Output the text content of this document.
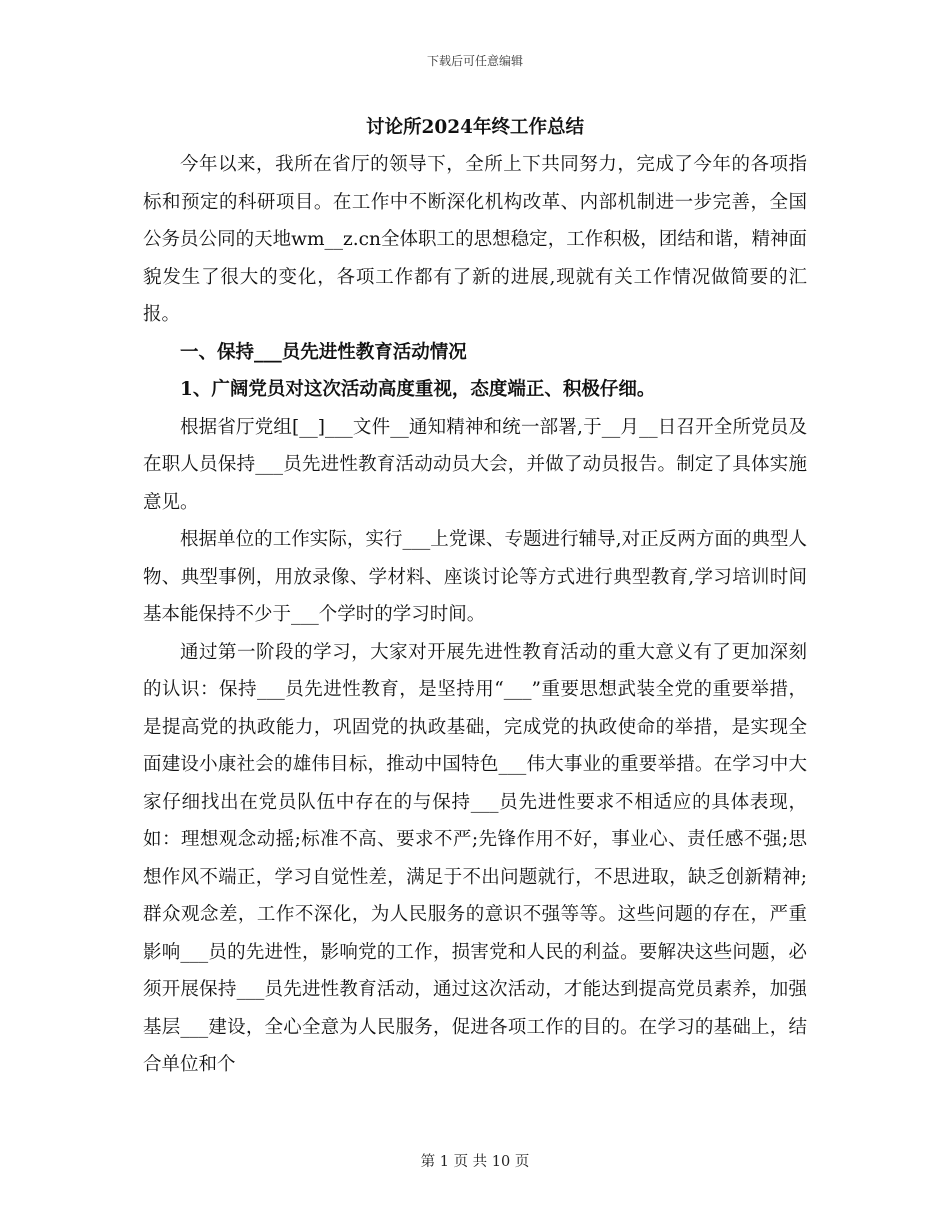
下载后可任意编辑
讨论所2024年终工作总结

今年以来，我所在省厅的领导下，全所上下共同努力，完成了今年的各项指标和预定的科研项目。在工作中不断深化机构改革、内部机制进一步完善，全国公务员公同的天地wm__z.cn全体职工的思想稳定，工作积极，团结和谐，精神面貌发生了很大的变化，各项工作都有了新的进展,现就有关工作情况做简要的汇报。

一、保持___员先进性教育活动情况

1、广阔党员对这次活动高度重视，态度端正、积极仔细。

根据省厅党组[__]___文件__通知精神和统一部署,于__月__日召开全所党员及在职人员保持___员先进性教育活动动员大会，并做了动员报告。制定了具体实施意见。

根据单位的工作实际，实行___上党课、专题进行辅导,对正反两方面的典型人物、典型事例，用放录像、学材料、座谈讨论等方式进行典型教育,学习培训时间基本能保持不少于___个学时的学习时间。

通过第一阶段的学习，大家对开展先进性教育活动的重大意义有了更加深刻的认识：保持___员先进性教育，是坚持用“___”重要思想武装全党的重要举措，是提高党的执政能力，巩固党的执政基础，完成党的执政使命的举措，是实现全面建设小康社会的雄伟目标，推动中国特色___伟大事业的重要举措。在学习中大家仔细找出在党员队伍中存在的与保持___员先进性要求不相适应的具体表现，如：理想观念动摇;标准不高、要求不严;先锋作用不好，事业心、责任感不强;思想作风不端正，学习自觉性差，满足于不出问题就行，不思进取，缺乏创新精神;群众观念差，工作不深化，为人民服务的意识不强等等。这些问题的存在，严重影响___员的先进性，影响党的工作，损害党和人民的利益。要解决这些问题，必须开展保持___员先进性教育活动，通过这次活动，才能达到提高党员素养，加强基层___建设，全心全意为人民服务，促进各项工作的目的。在学习的基础上，结合单位和个

第 1 页 共 10 页
